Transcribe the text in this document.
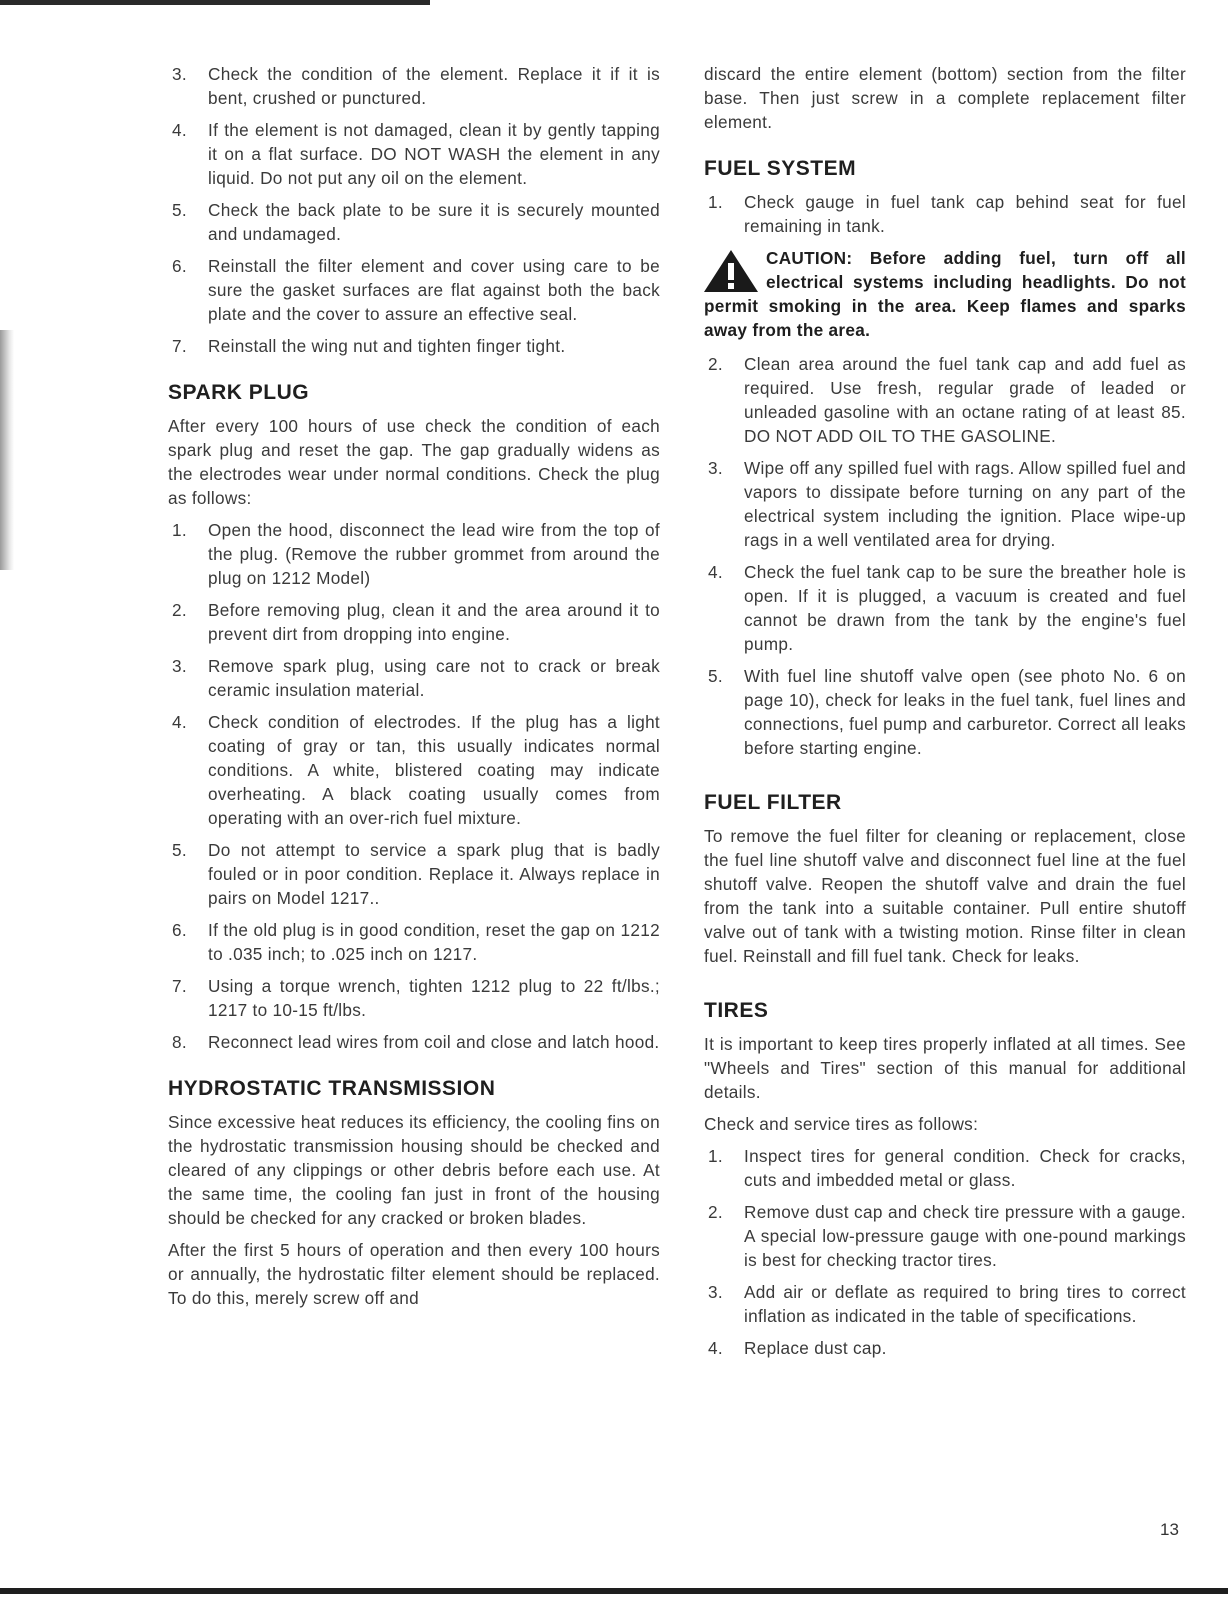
3. Check the condition of the element. Replace it if it is bent, crushed or punctured.
4. If the element is not damaged, clean it by gently tapping it on a flat surface. DO NOT WASH the element in any liquid. Do not put any oil on the element.
5. Check the back plate to be sure it is securely mounted and undamaged.
6. Reinstall the filter element and cover using care to be sure the gasket surfaces are flat against both the back plate and the cover to assure an effective seal.
7. Reinstall the wing nut and tighten finger tight.
SPARK PLUG

After every 100 hours of use check the condition of each spark plug and reset the gap. The gap gradually widens as the electrodes wear under normal conditions. Check the plug as follows:

1. Open the hood, disconnect the lead wire from the top of the plug. (Remove the rubber grommet from around the plug on 1212 Model)
2. Before removing plug, clean it and the area around it to prevent dirt from dropping into engine.
3. Remove spark plug, using care not to crack or break ceramic insulation material.
4. Check condition of electrodes. If the plug has a light coating of gray or tan, this usually indicates normal conditions. A white, blistered coating may indicate overheating. A black coating usually comes from operating with an over-rich fuel mixture.
5. Do not attempt to service a spark plug that is badly fouled or in poor condition. Replace it. Always replace in pairs on Model 1217..
6. If the old plug is in good condition, reset the gap on 1212 to .035 inch; to .025 inch on 1217.
7. Using a torque wrench, tighten 1212 plug to 22 ft/lbs.; 1217 to 10-15 ft/lbs.
8. Reconnect lead wires from coil and close and latch hood.
HYDROSTATIC TRANSMISSION

Since excessive heat reduces its efficiency, the cooling fins on the hydrostatic transmission housing should be checked and cleared of any clippings or other debris before each use. At the same time, the cooling fan just in front of the housing should be checked for any cracked or broken blades.

After the first 5 hours of operation and then every 100 hours or annually, the hydrostatic filter element should be replaced. To do this, merely screw off and

discard the entire element (bottom) section from the filter base. Then just screw in a complete replacement filter element.

FUEL SYSTEM
1. Check gauge in fuel tank cap behind seat for fuel remaining in tank.
CAUTION: Before adding fuel, turn off all electrical systems including headlights. Do not permit smoking in the area. Keep flames and sparks away from the area.
2. Clean area around the fuel tank cap and add fuel as required. Use fresh, regular grade of leaded or unleaded gasoline with an octane rating of at least 85. DO NOT ADD OIL TO THE GASOLINE.
3. Wipe off any spilled fuel with rags. Allow spilled fuel and vapors to dissipate before turning on any part of the electrical system including the ignition. Place wipe-up rags in a well ventilated area for drying.
4. Check the fuel tank cap to be sure the breather hole is open. If it is plugged, a vacuum is created and fuel cannot be drawn from the tank by the engine's fuel pump.
5. With fuel line shutoff valve open (see photo No. 6 on page 10), check for leaks in the fuel tank, fuel lines and connections, fuel pump and carburetor. Correct all leaks before starting engine.
FUEL FILTER

To remove the fuel filter for cleaning or replacement, close the fuel line shutoff valve and disconnect fuel line at the fuel shutoff valve. Reopen the shutoff valve and drain the fuel from the tank into a suitable container. Pull entire shutoff valve out of tank with a twisting motion. Rinse filter in clean fuel. Reinstall and fill fuel tank. Check for leaks.

TIRES

It is important to keep tires properly inflated at all times. See "Wheels and Tires" section of this manual for additional details.

Check and service tires as follows:

1. Inspect tires for general condition. Check for cracks, cuts and imbedded metal or glass.
2. Remove dust cap and check tire pressure with a gauge. A special low-pressure gauge with one-pound markings is best for checking tractor tires.
3. Add air or deflate as required to bring tires to correct inflation as indicated in the table of specifications.
4. Replace dust cap.
13
